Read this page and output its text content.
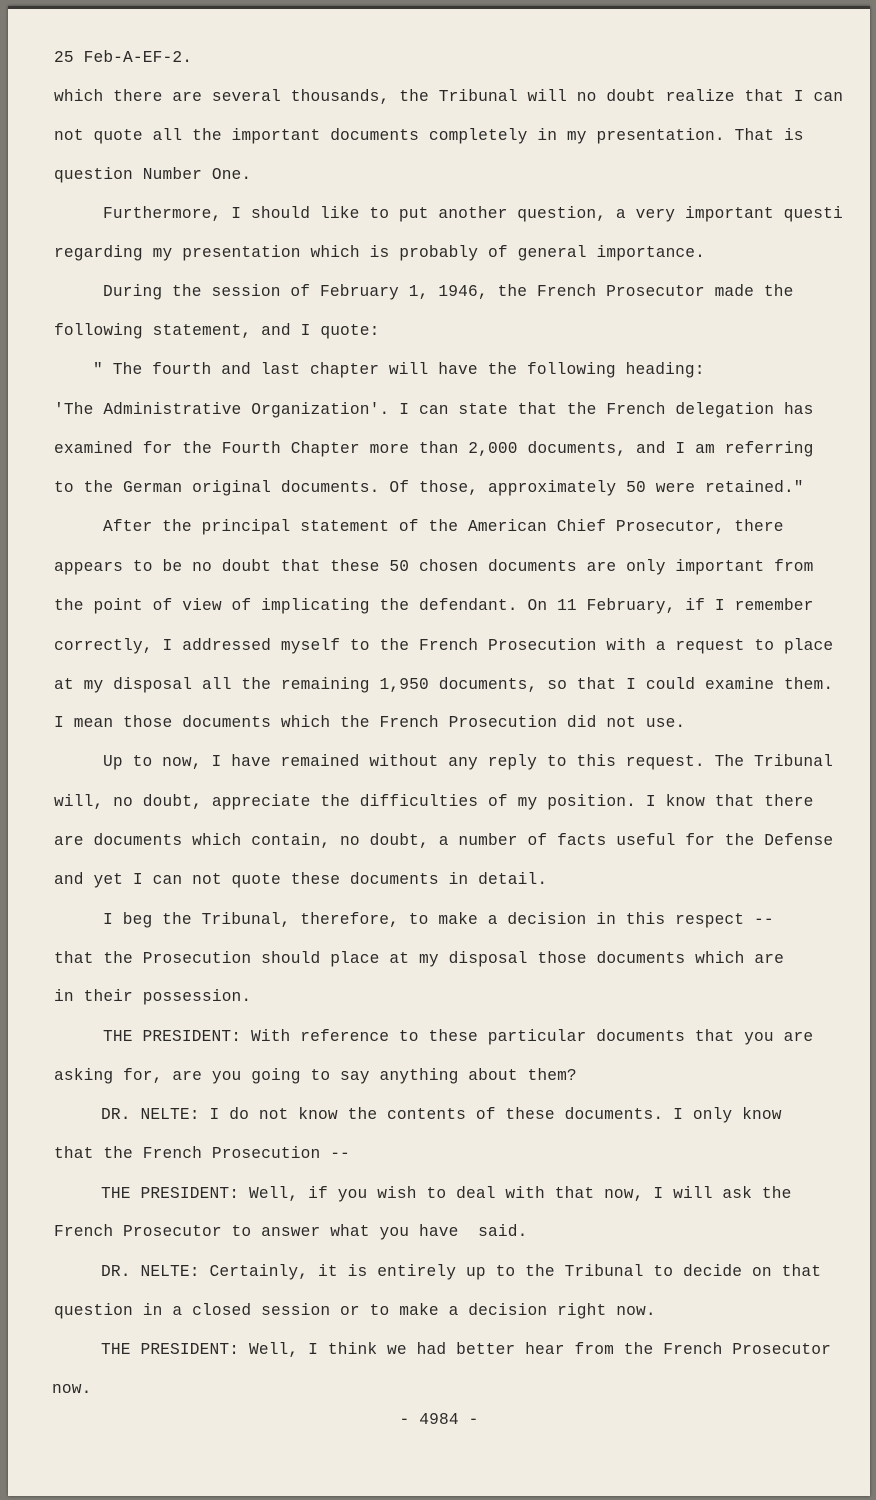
25 Feb-A-EF-2.
which there are several thousands, the Tribunal will no doubt realize that I can
not quote all the important documents completely in my presentation. That is
question Number One.
Furthermore, I should like to put another question, a very important questi
regarding my presentation which is probably of general importance.
During the session of February 1, 1946, the French Prosecutor made the
following statement, and I quote:
" The fourth and last chapter will have the following heading:
'The Administrative Organization'. I can state that the French delegation has
examined for the Fourth Chapter more than 2,000 documents, and I am referring
to the German original documents. Of those, approximately 50 were retained."
After the principal statement of the American Chief Prosecutor, there
appears to be no doubt that these 50 chosen documents are only important from
the point of view of implicating the defendant. On 11 February, if I remember
correctly, I addressed myself to the French Prosecution with a request to place
at my disposal all the remaining 1,950 documents, so that I could examine them.
I mean those documents which the French Prosecution did not use.
Up to now, I have remained without any reply to this request. The Tribunal
will, no doubt, appreciate the difficulties of my position. I know that there
are documents which contain, no doubt, a number of facts useful for the Defense
and yet I can not quote these documents in detail.
I beg the Tribunal, therefore, to make a decision in this respect --
that the Prosecution should place at my disposal those documents which are
in their possession.
THE PRESIDENT: With reference to these particular documents that you are
asking for, are you going to say anything about them?
DR. NELTE: I do not know the contents of these documents. I only know
that the French Prosecution --
THE PRESIDENT: Well, if you wish to deal with that now, I will ask the
French Prosecutor to answer what you have  said.
DR. NELTE: Certainly, it is entirely up to the Tribunal to decide on that
question in a closed session or to make a decision right now.
THE PRESIDENT: Well, I think we had better hear from the French Prosecutor
now.
- 4984 -
